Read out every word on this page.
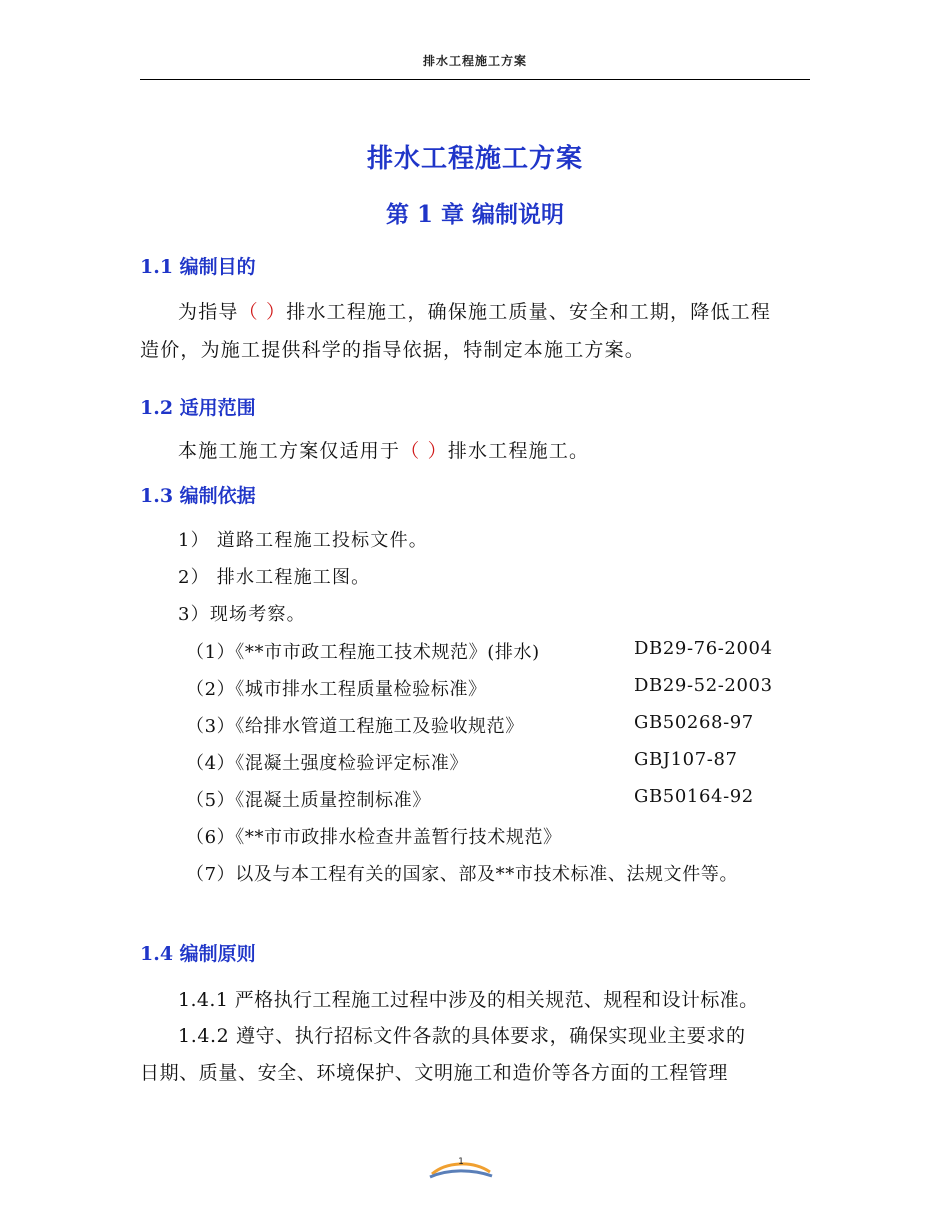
排水工程施工方案
排水工程施工方案
第 1 章 编制说明
1.1 编制目的
为指导（ ）排水工程施工，确保施工质量、安全和工期，降低工程
造价，为施工提供科学的指导依据，特制定本施工方案。
1.2 适用范围
本施工施工方案仅适用于（ ）排水工程施工。
1.3 编制依据
1） 道路工程施工投标文件。
2） 排水工程施工图。
3）现场考察。
（1）《**市市政工程施工技术规范》(排水)	DB29-76-2004
（2）《城市排水工程质量检验标准》	DB29-52-2003
（3）《给排水管道工程施工及验收规范》	GB50268-97
（4）《混凝土强度检验评定标准》	GBJ107-87
（5）《混凝土质量控制标准》	GB50164-92
（6）《**市市政排水检查井盖暂行技术规范》
（7）以及与本工程有关的国家、部及**市技术标准、法规文件等。
1.4 编制原则
1.4.1 严格执行工程施工过程中涉及的相关规范、规程和设计标准。
1.4.2 遵守、执行招标文件各款的具体要求，确保实现业主要求的
日期、质量、安全、环境保护、文明施工和造价等各方面的工程管理
1
